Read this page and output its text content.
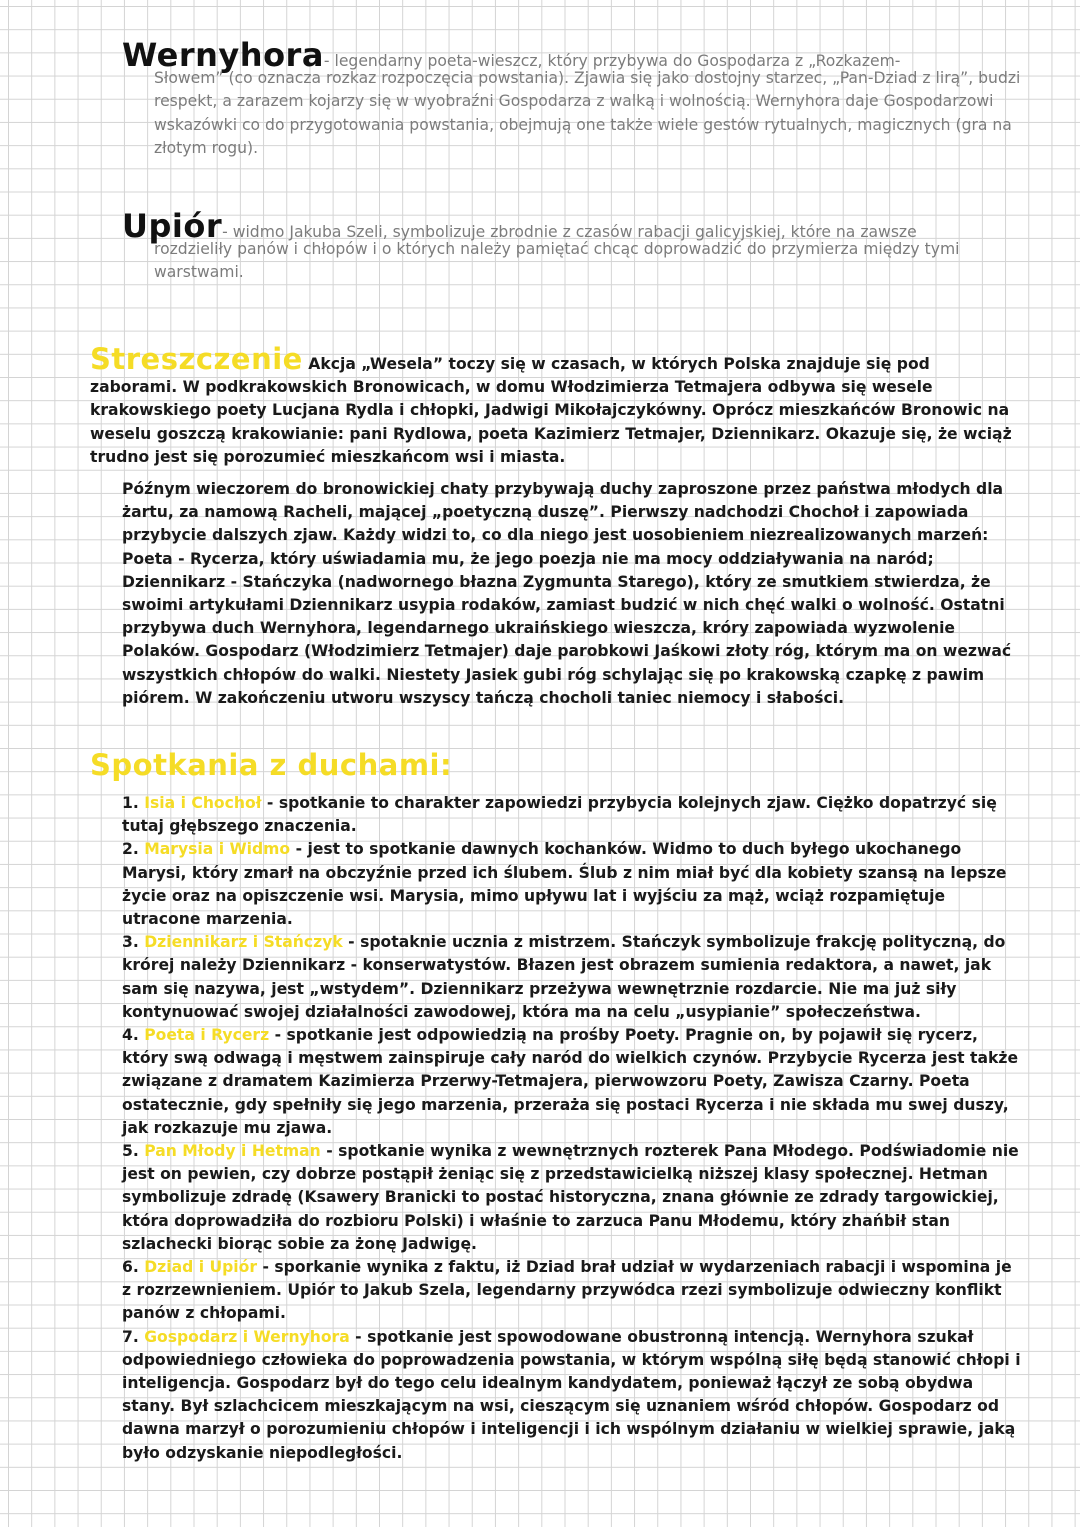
Wernyhora- legendarny poeta-wieszcz, który przybywa do Gospodarza z „Rozkazem-

Słowem” (co oznacza rozkaz rozpoczęcia powstania). Zjawia się jako dostojny starzec, „Pan-Dziad z lirą”, budzi respekt, a zarazem kojarzy się w wyobraźni Gospodarza z walką i wolnością. Wernyhora daje Gospodarzowi wskazówki co do przygotowania powstania, obejmują one także wiele gestów rytualnych, magicznych (gra na złotym rogu).

Upiór- widmo Jakuba Szeli, symbolizuje zbrodnie z czasów rabacji galicyjskiej, które na zawsze

rozdzieliły panów i chłopów i o których należy pamiętać chcąc doprowadzić do przymierza między tymi warstwami.

Streszczenie Akcja „Wesela” toczy się w czasach, w których Polska znajduje się pod zaborami. W podkrakowskich Bronowicach, w domu Włodzimierza Tetmajera odbywa się wesele krakowskiego poety Lucjana Rydla i chłopki, Jadwigi Mikołajczykówny. Oprócz mieszkańców Bronowic na weselu goszczą krakowianie: pani Rydlowa, poeta Kazimierz Tetmajer, Dziennikarz. Okazuje się, że wciąż trudno jest się porozumieć mieszkańcom wsi i miasta.

Późnym wieczorem do bronowickiej chaty przybywają duchy zaproszone przez państwa młodych dla żartu, za namową Racheli, mającej „poetyczną duszę”. Pierwszy nadchodzi Chochoł i zapowiada przybycie dalszych zjaw. Każdy widzi to, co dla niego jest uosobieniem niezrealizowanych marzeń: Poeta - Rycerza, który uświadamia mu, że jego poezja nie ma mocy oddziaływania na naród; Dziennikarz - Stańczyka (nadwornego błazna Zygmunta Starego), który ze smutkiem stwierdza, że swoimi artykułami Dziennikarz usypia rodaków, zamiast budzić w nich chęć walki o wolność. Ostatni przybywa duch Wernyhora, legendarnego ukraińskiego wieszcza, króry zapowiada wyzwolenie Polaków. Gospodarz (Włodzimierz Tetmajer) daje parobkowi Jaśkowi złoty róg, którym ma on wezwać wszystkich chłopów do walki. Niestety Jasiek gubi róg schylając się po krakowską czapkę z pawim piórem. W zakończeniu utworu wszyscy tańczą chocholi taniec niemocy i słabości.

Spotkania z duchami:

1. Isia i Chochoł - spotkanie to charakter zapowiedzi przybycia kolejnych zjaw. Ciężko dopatrzyć się tutaj głębszego znaczenia.

2. Marysia i Widmo - jest to spotkanie dawnych kochanków. Widmo to duch byłego ukochanego Marysi, który zmarł na obczyźnie przed ich ślubem. Ślub z nim miał być dla kobiety szansą na lepsze życie oraz na opiszczenie wsi. Marysia, mimo upływu lat i wyjściu za mąż, wciąż rozpamiętuje utracone marzenia.

3. Dziennikarz i Stańczyk - spotaknie ucznia z mistrzem. Stańczyk symbolizuje frakcję polityczną, do krórej należy Dziennikarz - konserwatystów. Błazen jest obrazem sumienia redaktora, a nawet, jak sam się nazywa, jest „wstydem”. Dziennikarz przeżywa wewnętrznie rozdarcie. Nie ma już siły kontynuować swojej działalności zawodowej, która ma na celu „usypianie” społeczeństwa.

4. Poeta i Rycerz - spotkanie jest odpowiedzią na prośby Poety. Pragnie on, by pojawił się rycerz, który swą odwagą i męstwem zainspiruje cały naród do wielkich czynów. Przybycie Rycerza jest także związane z dramatem Kazimierza Przerwy-Tetmajera, pierwowzoru Poety, Zawisza Czarny. Poeta ostatecznie, gdy spełniły się jego marzenia, przeraża się postaci Rycerza i nie składa mu swej duszy, jak rozkazuje mu zjawa.

5. Pan Młody i Hetman - spotkanie wynika z wewnętrznych rozterek Pana Młodego. Podświadomie nie jest on pewien, czy dobrze postąpił żeniąc się z przedstawicielką niższej klasy społecznej. Hetman symbolizuje zdradę (Ksawery Branicki to postać historyczna, znana głównie ze zdrady targowickiej, która doprowadziła do rozbioru Polski) i właśnie to zarzuca Panu Młodemu, który zhańbił stan szlachecki biorąc sobie za żonę Jadwigę.

6. Dziad i Upiór - sporkanie wynika z faktu, iż Dziad brał udział w wydarzeniach rabacji i wspomina je z rozrzewnieniem. Upiór to Jakub Szela, legendarny przywódca rzezi symbolizuje odwieczny konflikt panów z chłopami.

7. Gospodarz i Wernyhora - spotkanie jest spowodowane obustronną intencją. Wernyhora szukał odpowiedniego człowieka do poprowadzenia powstania, w którym wspólną siłę będą stanowić chłopi i inteligencja. Gospodarz był do tego celu idealnym kandydatem, ponieważ łączył ze sobą obydwa stany. Był szlachcicem mieszkającym na wsi, cieszącym się uznaniem wśród chłopów. Gospodarz od dawna marzył o porozumieniu chłopów i inteligencji i ich wspólnym działaniu w wielkiej sprawie, jaką było odzyskanie niepodległości.
